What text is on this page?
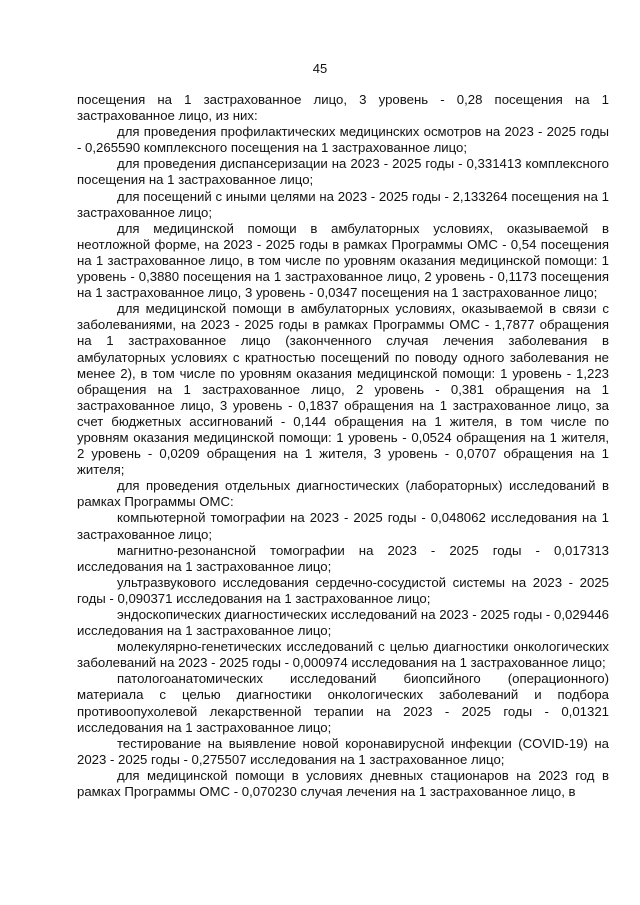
45

посещения на 1 застрахованное лицо, 3 уровень - 0,28 посещения на 1 застрахованное лицо, из них:

для проведения профилактических медицинских осмотров на 2023 - 2025 годы - 0,265590 комплексного посещения на 1 застрахованное лицо;

для проведения диспансеризации на 2023 - 2025 годы - 0,331413 комплексного посещения на 1 застрахованное лицо;

для посещений с иными целями на 2023 - 2025 годы - 2,133264 посещения на 1 застрахованное лицо;

для медицинской помощи в амбулаторных условиях, оказываемой в неотложной форме, на 2023 - 2025 годы в рамках Программы ОМС - 0,54 посещения на 1 застрахованное лицо, в том числе по уровням оказания медицинской помощи: 1 уровень - 0,3880 посещения на 1 застрахованное лицо, 2 уровень - 0,1173 посещения на 1 застрахованное лицо, 3 уровень - 0,0347 посещения на 1 застрахованное лицо;

для медицинской помощи в амбулаторных условиях, оказываемой в связи с заболеваниями, на 2023 - 2025 годы в рамках Программы ОМС - 1,7877 обращения на 1 застрахованное лицо (законченного случая лечения заболевания в амбулаторных условиях с кратностью посещений по поводу одного заболевания не менее 2), в том числе по уровням оказания медицинской помощи: 1 уровень - 1,223 обращения на 1 застрахованное лицо, 2 уровень - 0,381 обращения на 1 застрахованное лицо, 3 уровень - 0,1837 обращения на 1 застрахованное лицо, за счет бюджетных ассигнований - 0,144 обращения на 1 жителя, в том числе по уровням оказания медицинской помощи: 1 уровень - 0,0524 обращения на 1 жителя, 2 уровень - 0,0209 обращения на 1 жителя, 3 уровень - 0,0707 обращения на 1 жителя;

для проведения отдельных диагностических (лабораторных) исследований в рамках Программы ОМС:

компьютерной томографии на 2023 - 2025 годы - 0,048062 исследования на 1 застрахованное лицо;

магнитно-резонансной томографии на 2023 - 2025 годы - 0,017313 исследования на 1 застрахованное лицо;

ультразвукового исследования сердечно-сосудистой системы на 2023 - 2025 годы - 0,090371 исследования на 1 застрахованное лицо;

эндоскопических диагностических исследований на 2023 - 2025 годы - 0,029446 исследования на 1 застрахованное лицо;

молекулярно-генетических исследований с целью диагностики онкологических заболеваний на 2023 - 2025 годы - 0,000974 исследования на 1 застрахованное лицо;

патологоанатомических исследований биопсийного (операционного) материала с целью диагностики онкологических заболеваний и подбора противоопухолевой лекарственной терапии на 2023 - 2025 годы - 0,01321 исследования на 1 застрахованное лицо;

тестирование на выявление новой коронавирусной инфекции (COVID-19) на 2023 - 2025 годы - 0,275507 исследования на 1 застрахованное лицо;

для медицинской помощи в условиях дневных стационаров на 2023 год в рамках Программы ОМС - 0,070230 случая лечения на 1 застрахованное лицо, в
